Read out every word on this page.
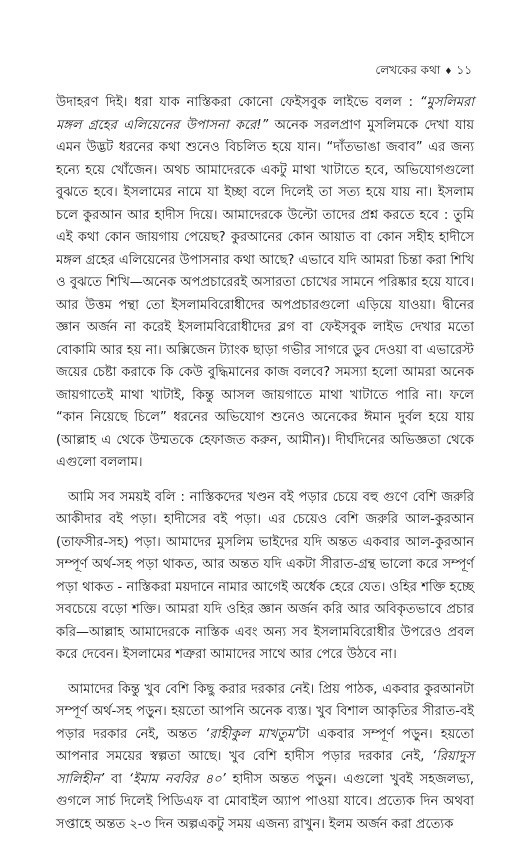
লেখকের কথা ♦ ১১

উদাহরণ দিই। ধরা যাক নাস্তিকরা কোনো ফেইসবুক লাইভে বলল : “মুসলিমরা মঙ্গল গ্রহের এলিয়েনের উপাসনা করে!” অনেক সরলপ্রাণ মুসলিমকে দেখা যায় এমন উদ্ভট ধরনের কথা শুনেও বিচলিত হয়ে যান। “দাঁতভাঙা জবাব” এর জন্য হন্যে হয়ে খোঁজেন। অথচ আমাদেরকে একটু মাথা খাটাতে হবে, অভিযোগগুলো বুঝতে হবে। ইসলামের নামে যা ইচ্ছা বলে দিলেই তা সত্য হয়ে যায় না। ইসলাম চলে কুরআন আর হাদীস দিয়ে। আমাদেরকে উল্টো তাদের প্রশ্ন করতে হবে : তুমি এই কথা কোন জায়গায় পেয়েছ? কুরআনের কোন আয়াত বা কোন সহীহ হাদীসে মঙ্গল গ্রহের এলিয়েনের উপাসনার কথা আছে? এভাবে যদি আমরা চিন্তা করা শিখি ও বুঝতে শিখি—অনেক অপপ্রচারেরই অসারতা চোখের সামনে পরিষ্কার হয়ে যাবে। আর উত্তম পন্থা তো ইসলামবিরোধীদের অপপ্রচারগুলো এড়িয়ে যাওয়া। দ্বীনের জ্ঞান অর্জন না করেই ইসলামবিরোধীদের ব্লগ বা ফেইসবুক লাইভ দেখার মতো বোকামি আর হয় না। অক্সিজেন ট্যাংক ছাড়া গভীর সাগরে ডুব দেওয়া বা এভারেস্ট জয়ের চেষ্টা করাকে কি কেউ বুদ্ধিমানের কাজ বলবে? সমস্যা হলো আমরা অনেক জায়গাতেই মাথা খাটাই, কিন্তু আসল জায়গাতে মাথা খাটাতে পারি না। ফলে “কান নিয়েছে চিলে” ধরনের অভিযোগ শুনেও অনেকের ঈমান দুর্বল হয়ে যায় (আল্লাহ এ থেকে উম্মতকে হেফাজত করুন, আমীন)। দীর্ঘদিনের অভিজ্ঞতা থেকে এগুলো বললাম।

আমি সব সময়ই বলি : নাস্তিকদের খণ্ডন বই পড়ার চেয়ে বহু গুণে বেশি জরুরি আকীদার বই পড়া। হাদীসের বই পড়া। এর চেয়েও বেশি জরুরি আল-কুরআন (তাফসীর-সহ) পড়া। আমাদের মুসলিম ভাইদের যদি অন্তত একবার আল-কুরআন সম্পূর্ণ অর্থ-সহ পড়া থাকত, আর অন্তত যদি একটা সীরাত-গ্রন্থ ভালো করে সম্পূর্ণ পড়া থাকত - নাস্তিকরা ময়দানে নামার আগেই অর্ধেক হেরে যেত। ওহির শক্তি হচ্ছে সবচেয়ে বড়ো শক্তি। আমরা যদি ওহির জ্ঞান অর্জন করি আর অবিকৃতভাবে প্রচার করি—আল্লাহ আমাদেরকে নাস্তিক এবং অন্য সব ইসলামবিরোধীর উপরেও প্রবল করে দেবেন। ইসলামের শত্রুরা আমাদের সাথে আর পেরে উঠবে না।

আমাদের কিন্তু খুব বেশি কিছু করার দরকার নেই। প্রিয় পাঠক, একবার কুরআনটা সম্পূর্ণ অর্থ-সহ পড়ুন। হয়তো আপনি অনেক ব্যস্ত। খুব বিশাল আকৃতির সীরাত-বই পড়ার দরকার নেই, অন্তত ‘রাহীকুল মাখতুম’টা একবার সম্পূর্ণ পড়ুন। হয়তো আপনার সময়ের স্বল্পতা আছে। খুব বেশি হাদীস পড়ার দরকার নেই, ‘রিয়াদুস সালিহীন’ বা ‘ইমাম নববির ৪০’ হাদীস অন্তত পড়ুন। এগুলো খুবই সহজলভ্য, গুগলে সার্চ দিলেই পিডিএফ বা মোবাইল অ্যাপ পাওয়া যাবে। প্রত্যেক দিন অথবা সপ্তাহে অন্তত ২-৩ দিন অল্পএকটু সময় এজন্য রাখুন। ইলম অর্জন করা প্রত্যেক
